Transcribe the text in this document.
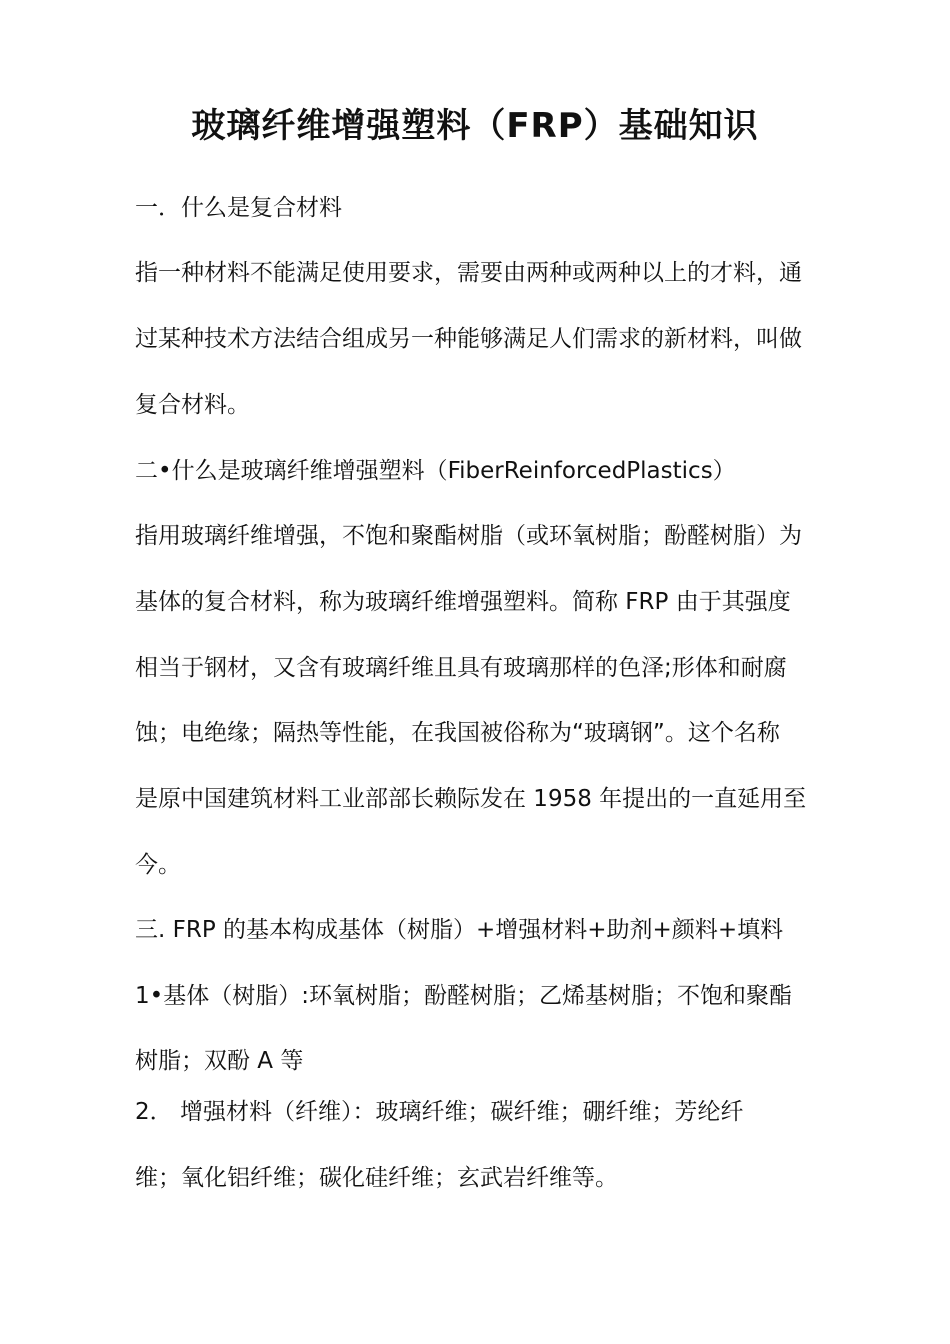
玻璃纤维增强塑料（FRP）基础知识

一．什么是复合材料

指一种材料不能满足使用要求，需要由两种或两种以上的才料，通

过某种技术方法结合组成另一种能够满足人们需求的新材料，叫做

复合材料。

二•什么是玻璃纤维增强塑料（FiberReinforcedPlastics）

指用玻璃纤维增强，不饱和聚酯树脂（或环氧树脂；酚醛树脂）为

基体的复合材料，称为玻璃纤维增强塑料。简称 FRP 由于其强度

相当于钢材，又含有玻璃纤维且具有玻璃那样的色泽;形体和耐腐

蚀；电绝缘；隔热等性能，在我国被俗称为“玻璃钢”。这个名称

是原中国建筑材料工业部部长赖际发在 1958 年提出的一直延用至

今。

三. FRP 的基本构成基体（树脂）+增强材料+助剂+颜料+填料

1•基体（树脂）:环氧树脂；酚醛树脂；乙烯基树脂；不饱和聚酯

树脂；双酚 A 等

2． 增强材料（纤维）：玻璃纤维；碳纤维；硼纤维；芳纶纤

维；氧化铝纤维；碳化硅纤维；玄武岩纤维等。
